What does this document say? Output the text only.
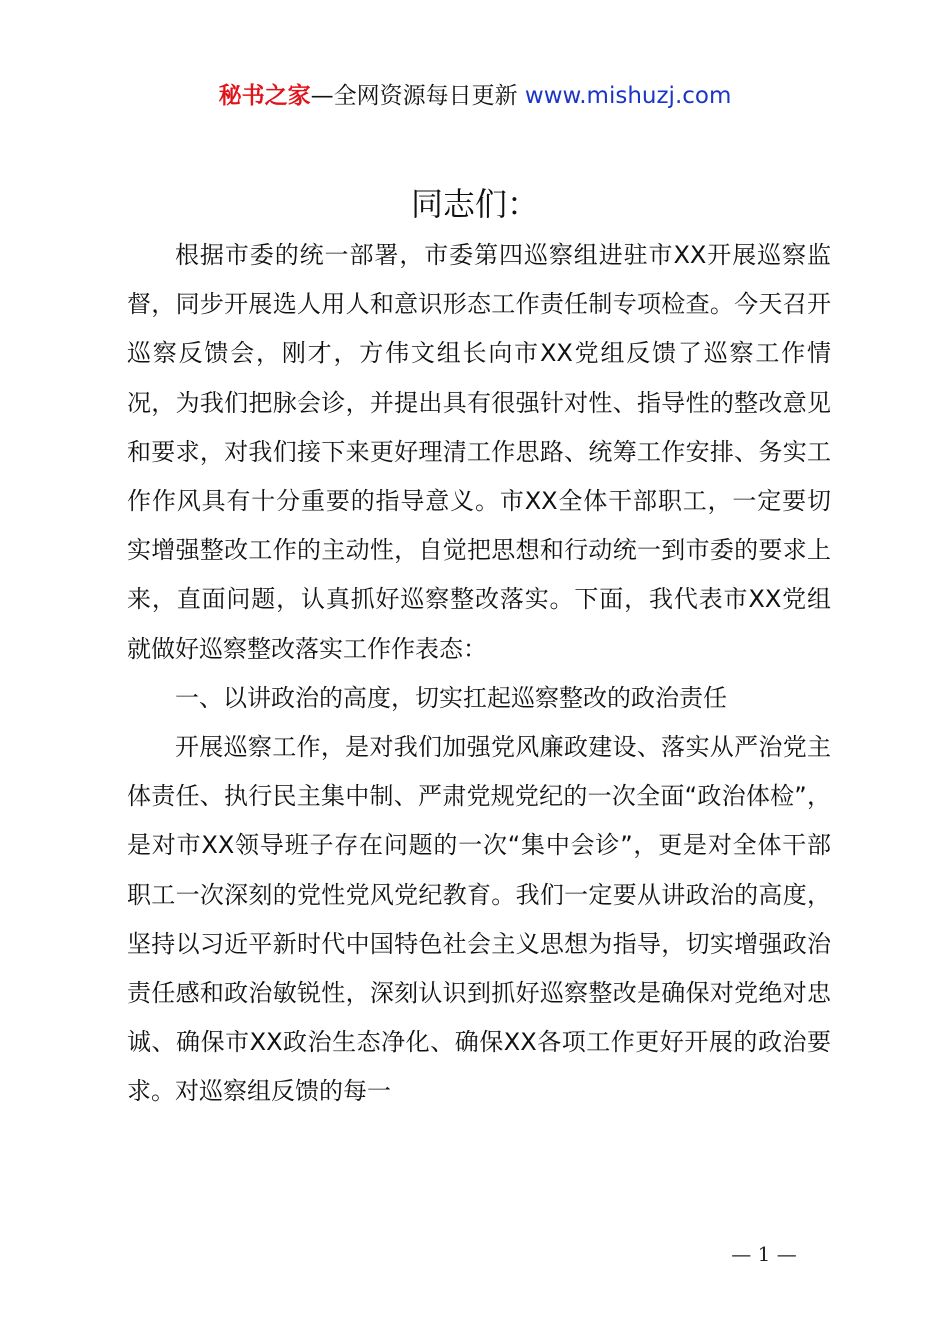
秘书之家—全网资源每日更新 www.mishuzj.com
同志们：

根据市委的统一部署，市委第四巡察组进驻市XX开展巡察监督，同步开展选人用人和意识形态工作责任制专项检查。今天召开巡察反馈会，刚才，方伟文组长向市XX党组反馈了巡察工作情况，为我们把脉会诊，并提出具有很强针对性、指导性的整改意见和要求，对我们接下来更好理清工作思路、统筹工作安排、务实工作作风具有十分重要的指导意义。市XX全体干部职工，一定要切实增强整改工作的主动性，自觉把思想和行动统一到市委的要求上来，直面问题，认真抓好巡察整改落实。下面，我代表市XX党组就做好巡察整改落实工作作表态：

一、以讲政治的高度，切实扛起巡察整改的政治责任

开展巡察工作，是对我们加强党风廉政建设、落实从严治党主体责任、执行民主集中制、严肃党规党纪的一次全面“政治体检”，是对市XX领导班子存在问题的一次“集中会诊”，更是对全体干部职工一次深刻的党性党风党纪教育。我们一定要从讲政治的高度，坚持以习近平新时代中国特色社会主义思想为指导，切实增强政治责任感和政治敏锐性，深刻认识到抓好巡察整改是确保对党绝对忠诚、确保市XX政治生态净化、确保XX各项工作更好开展的政治要求。对巡察组反馈的每一

— 1 —
